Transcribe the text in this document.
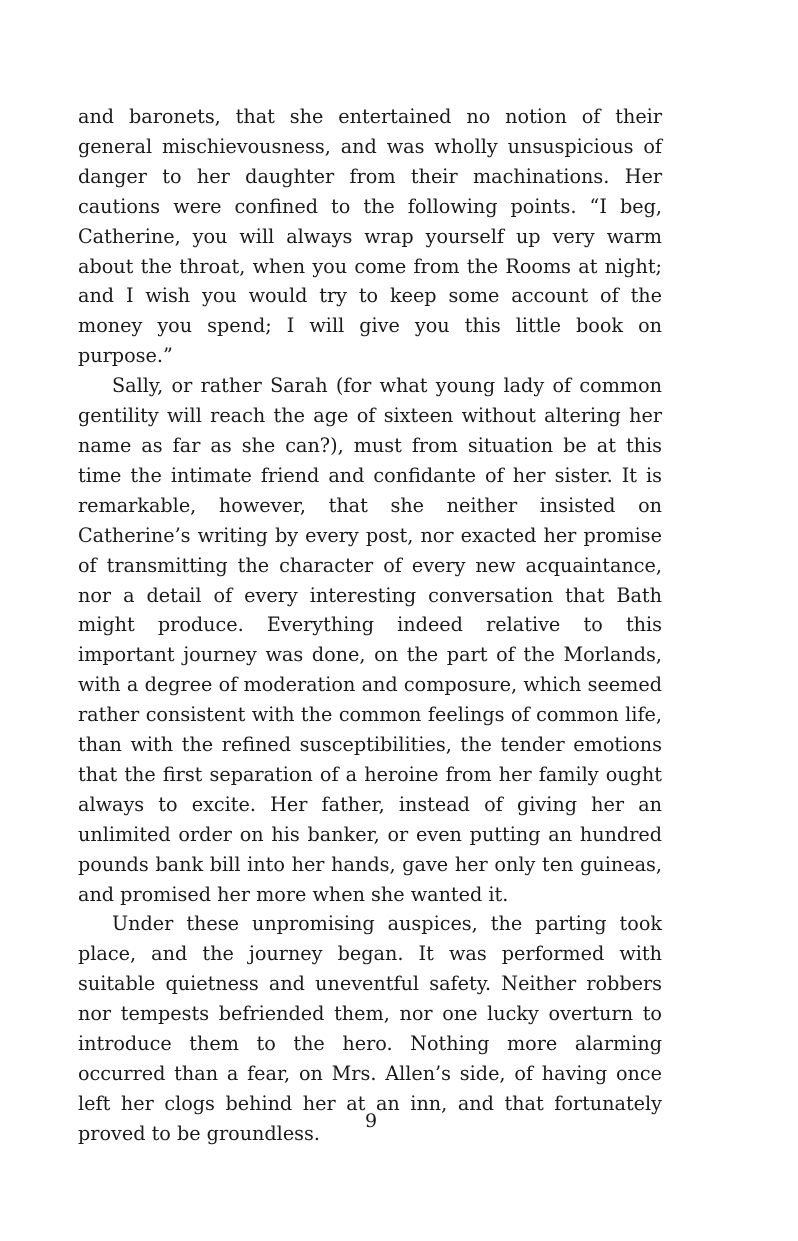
and baronets, that she entertained no notion of their general mischievousness, and was wholly unsuspicious of danger to her daughter from their machinations. Her cautions were confined to the following points. “I beg, Catherine, you will always wrap yourself up very warm about the throat, when you come from the Rooms at night; and I wish you would try to keep some account of the money you spend; I will give you this little book on purpose.”

Sally, or rather Sarah (for what young lady of common gentility will reach the age of sixteen without altering her name as far as she can?), must from situation be at this time the intimate friend and confidante of her sister. It is remarkable, however, that she neither insisted on Catherine’s writing by every post, nor exacted her promise of transmitting the character of every new acquaintance, nor a detail of every interesting conversation that Bath might produce. Everything indeed relative to this important journey was done, on the part of the Morlands, with a degree of moderation and composure, which seemed rather consistent with the common feelings of common life, than with the refined susceptibilities, the tender emotions that the first separation of a heroine from her family ought always to excite. Her father, instead of giving her an unlimited order on his banker, or even putting an hundred pounds bank bill into her hands, gave her only ten guineas, and promised her more when she wanted it.

Under these unpromising auspices, the parting took place, and the journey began. It was performed with suitable quietness and uneventful safety. Neither robbers nor tempests befriended them, nor one lucky overturn to introduce them to the hero. Nothing more alarming occurred than a fear, on Mrs. Allen’s side, of having once left her clogs behind her at an inn, and that fortunately proved to be groundless.

9
